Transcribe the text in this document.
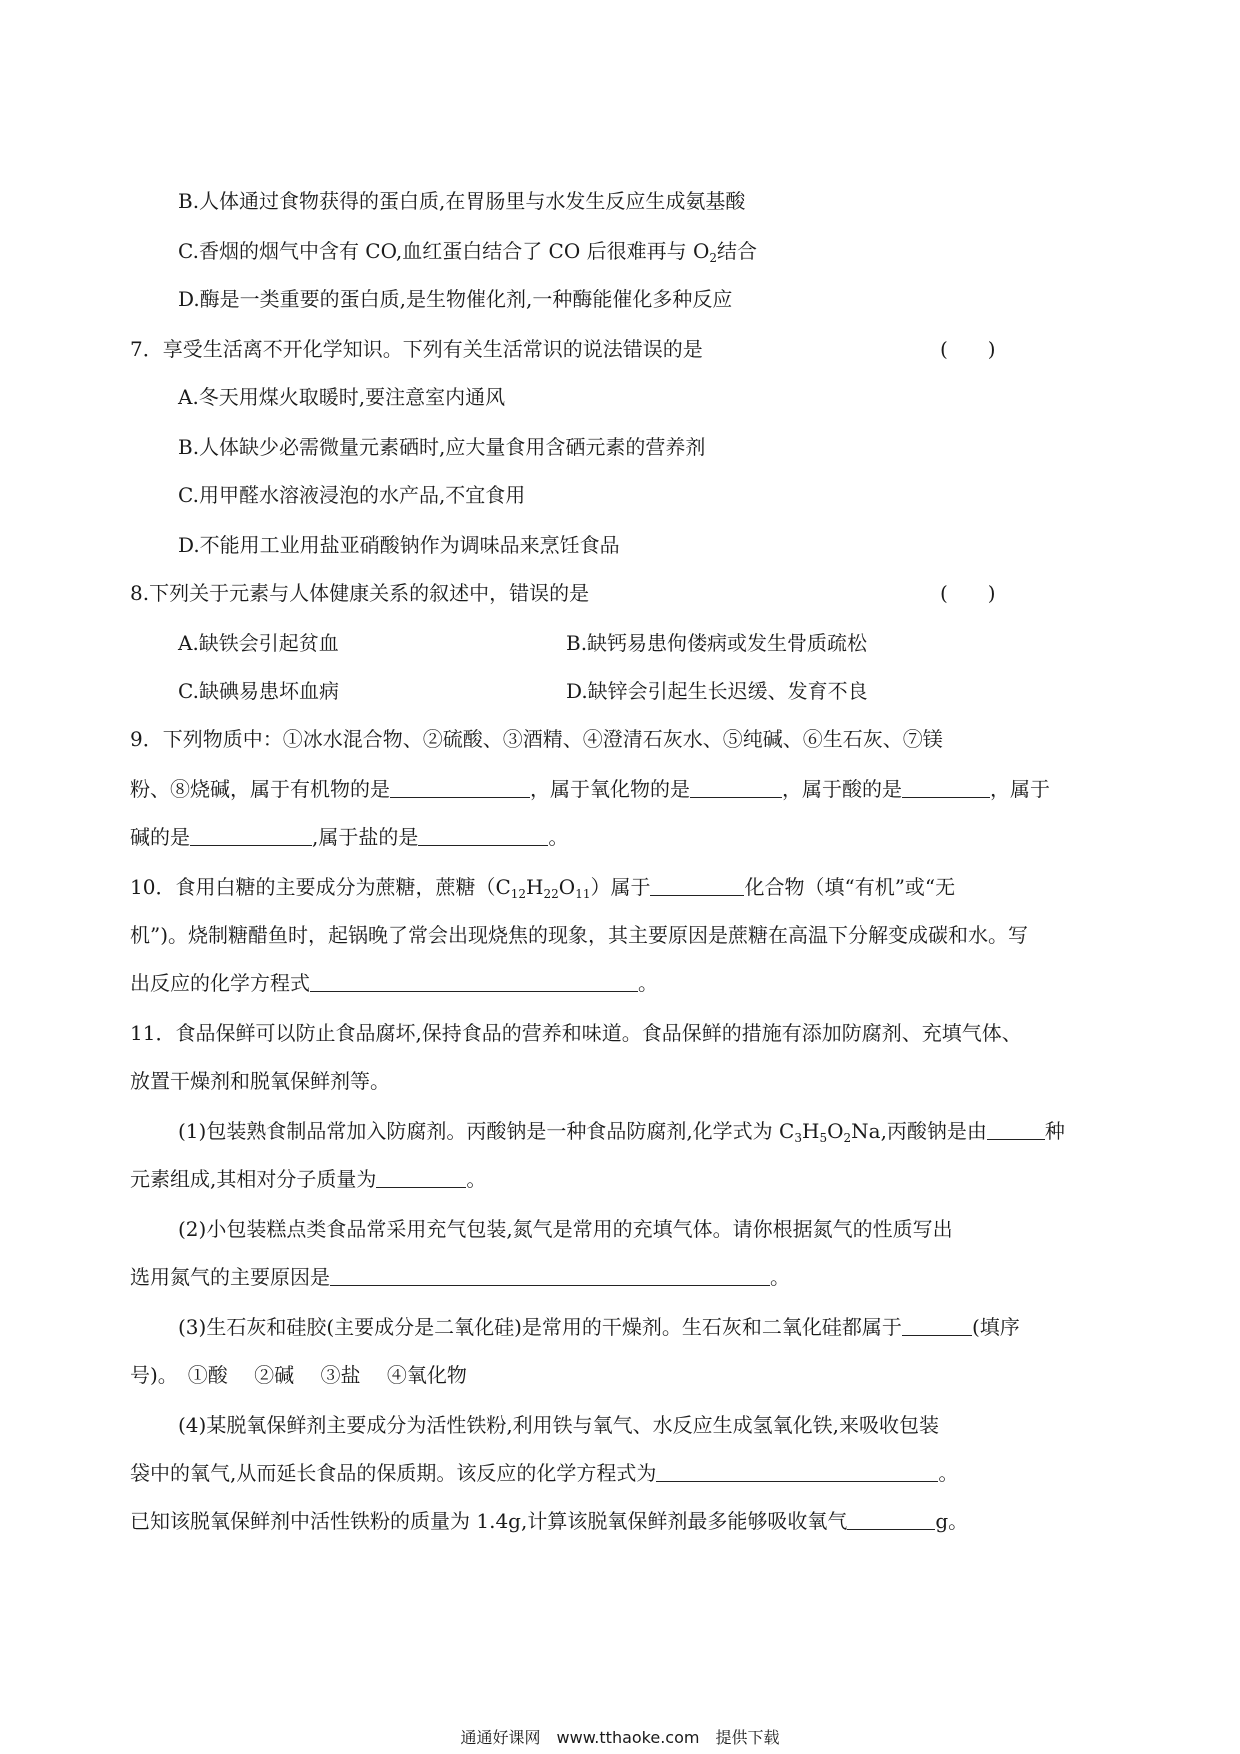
B.人体通过食物获得的蛋白质,在胃肠里与水发生反应生成氨基酸
C.香烟的烟气中含有 CO,血红蛋白结合了 CO 后很难再与 $O_2$结合
D.酶是一类重要的蛋白质,是生物催化剂,一种酶能催化多种反应
7．享受生活离不开化学知识。下列有关生活常识的说法错误的是	(　　)
A.冬天用煤火取暖时,要注意室内通风
B.人体缺少必需微量元素硒时,应大量食用含硒元素的营养剂
C.用甲醛水溶液浸泡的水产品,不宜食用
D.不能用工业用盐亚硝酸钠作为调味品来烹饪食品
8.下列关于元素与人体健康关系的叙述中，错误的是	(　　)
A.缺铁会引起贫血	B.缺钙易患佝偻病或发生骨质疏松
C.缺碘易患坏血病	D.缺锌会引起生长迟缓、发育不良
9．下列物质中：①冰水混合物、②硫酸、③酒精、④澄清石灰水、⑤纯碱、⑥生石灰、⑦镁
粉、⑧烧碱，属于有机物的是	，属于氧化物的是	，属于酸的是	，属于
碱的是	,属于盐的是	。
10．食用白糖的主要成分为蔗糖，蔗糖$(C_{12}H_{22}O_{11})$属于	化合物（填“有机”或“无
机”)。烧制糖醋鱼时，起锅晚了常会出现烧焦的现象，其主要原因是蔗糖在高温下分解变成碳和水。写
出反应的化学方程式	。
11．食品保鲜可以防止食品腐坏,保持食品的营养和味道。食品保鲜的措施有添加防腐剂、充填气体、
放置干燥剂和脱氧保鲜剂等。
(1)包装熟食制品常加入防腐剂。丙酸钠是一种食品防腐剂,化学式为 $C_3H_5O_2Na$,丙酸钠是由	种
元素组成,其相对分子质量为	。
(2)小包装糕点类食品常采用充气包装,氮气是常用的充填气体。请你根据氮气的性质写出
选用氮气的主要原因是	。
(3)生石灰和硅胶(主要成分是二氧化硅)是常用的干燥剂。生石灰和二氧化硅都属于	(填序
号)。　①酸　 ②碱　 ③盐　 ④氧化物
(4)某脱氧保鲜剂主要成分为活性铁粉,利用铁与氧气、水反应生成氢氧化铁,来吸收包装
袋中的氧气,从而延长食品的保质期。该反应的化学方程式为	。
已知该脱氧保鲜剂中活性铁粉的质量为 1.4g,计算该脱氧保鲜剂最多能够吸收氧气	g。
通通好课网　www.tthaoke.com　提供下载
